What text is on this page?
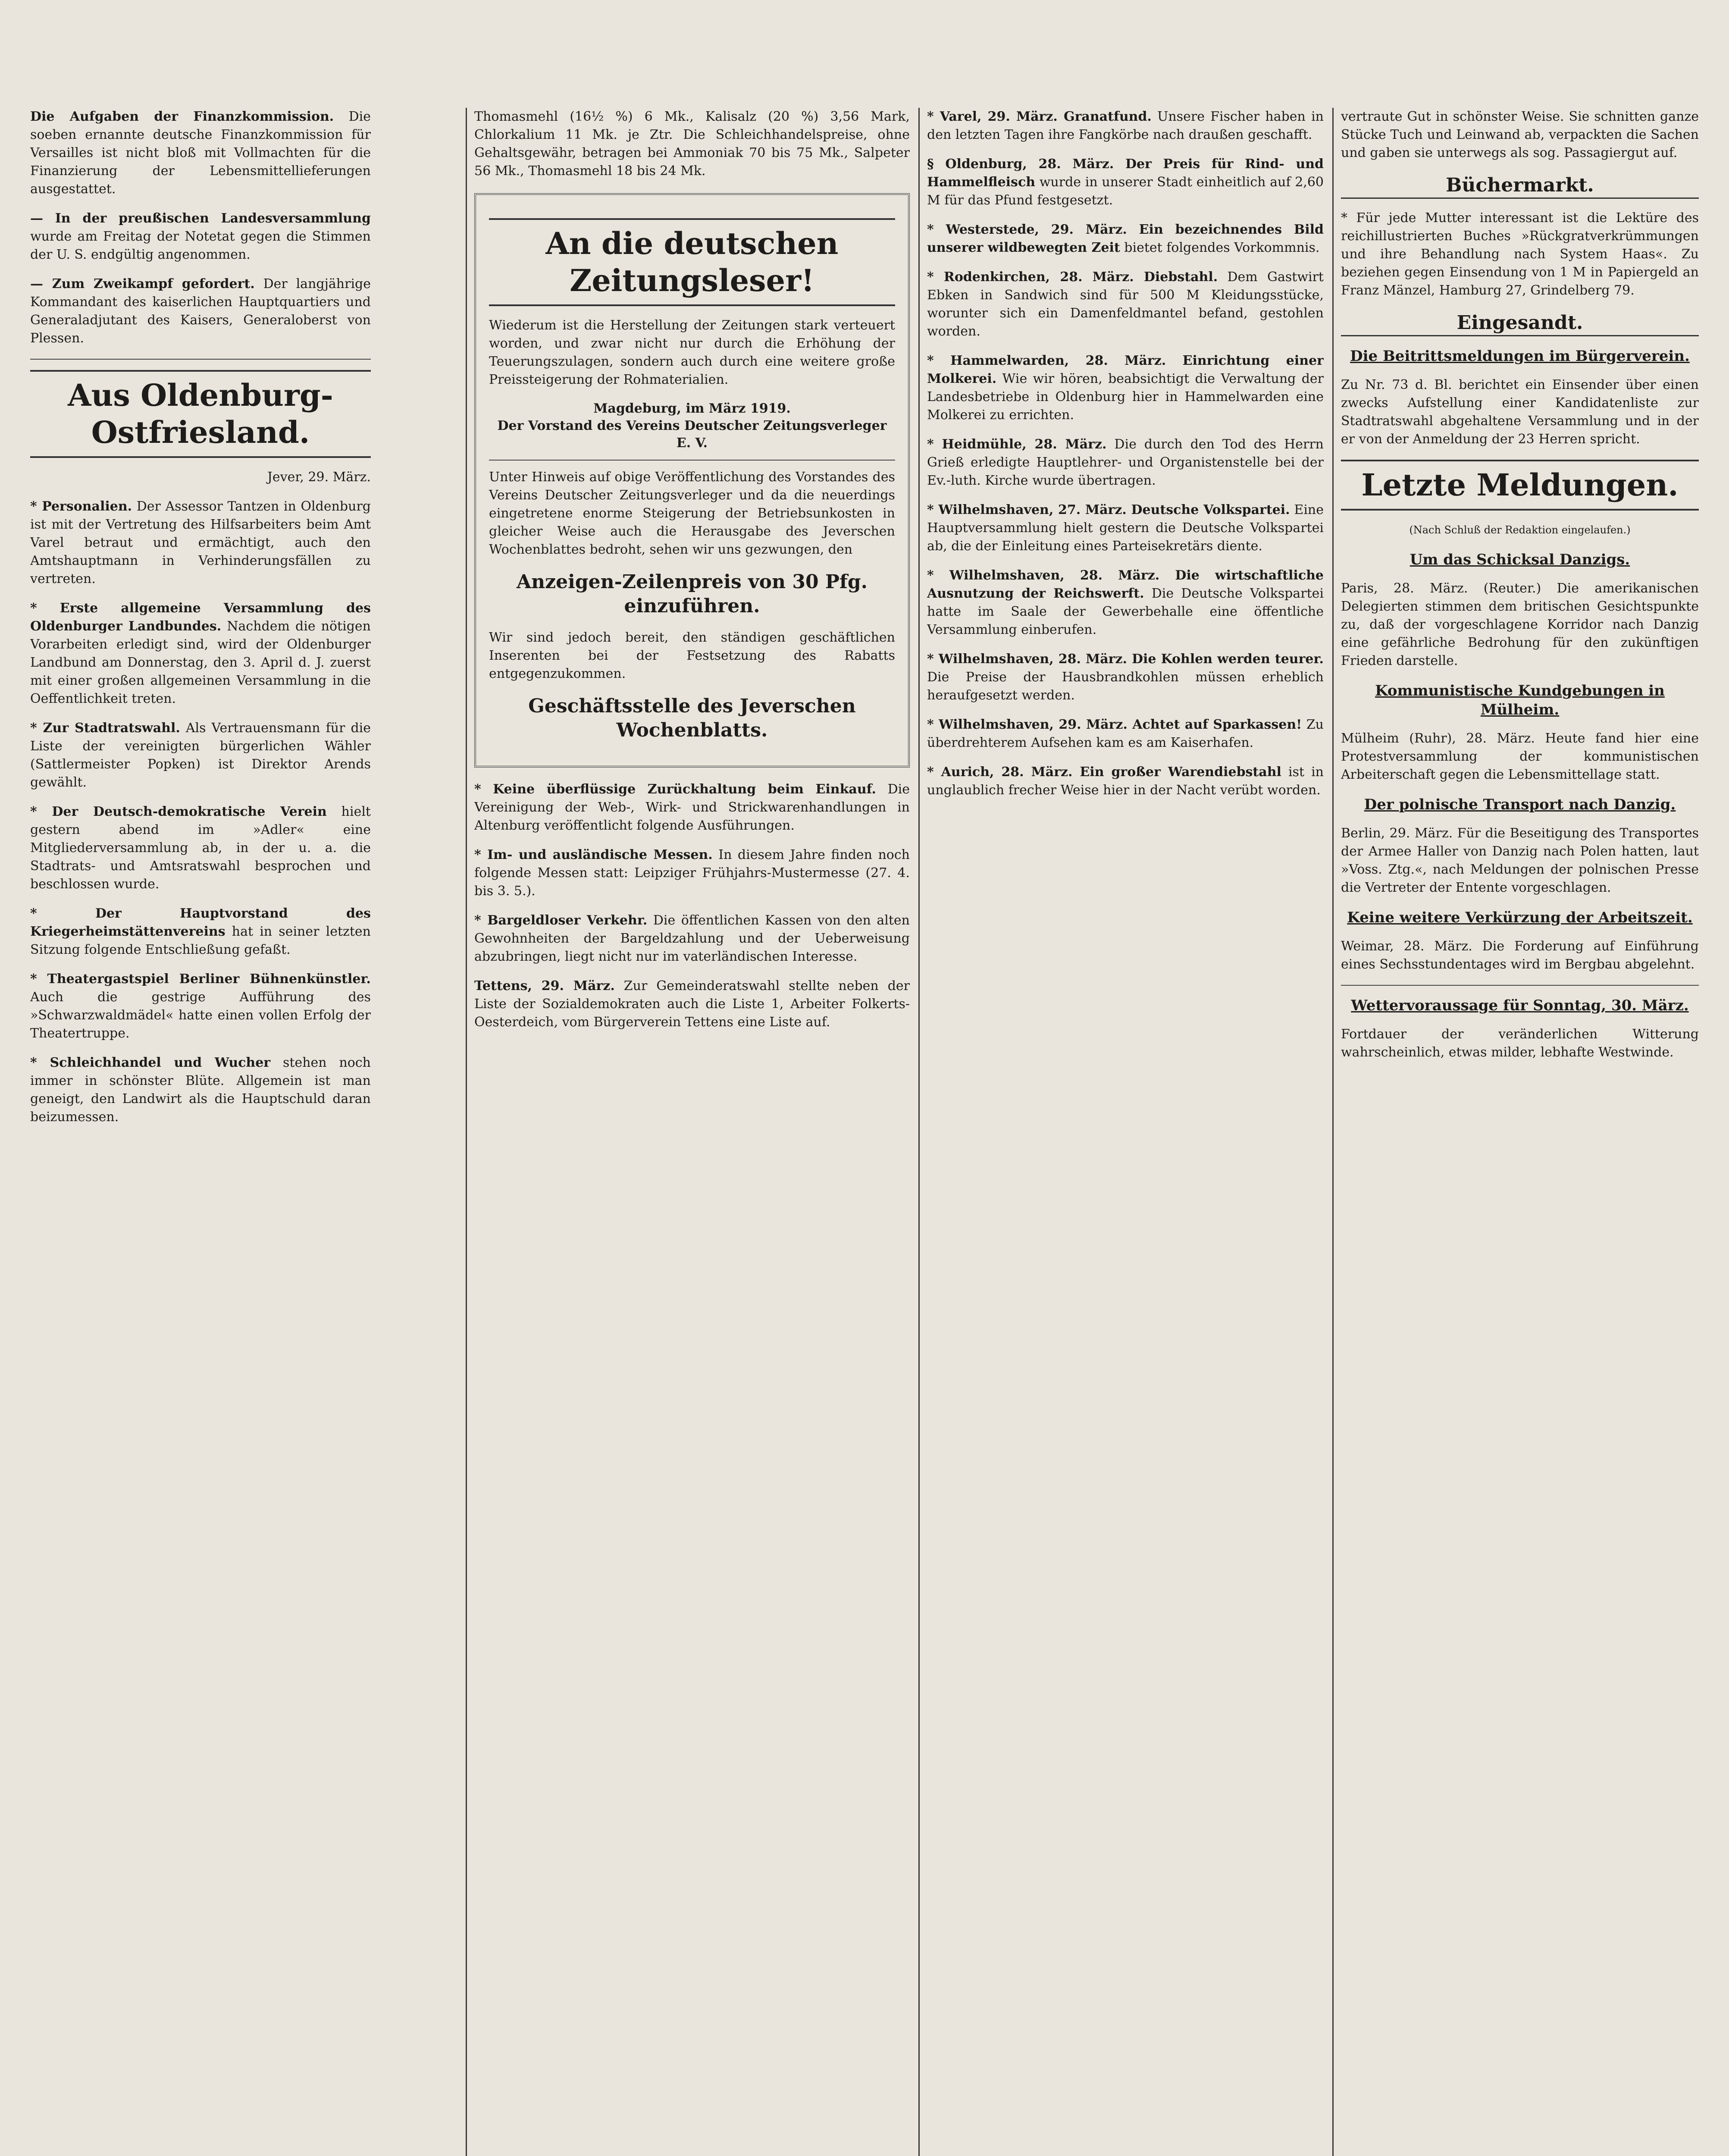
Die Aufgaben der Finanzkommission. Die soeben ernannte deutsche Finanzkommission für Versailles ist nicht bloß mit Vollmachten für die Finanzierung der Lebensmittellieferungen ausgestattet.
— In der preußischen Landesversammlung wurde am Freitag der Notetat gegen die Stimmen der U. S. endgültig angenommen.
— Zum Zweikampf gefordert. Der langjährige Kommandant des kaiserlichen Hauptquartiers und Generaladjutant des Kaisers, Generaloberst von Plessen.
Aus Oldenburg-Ostfriesland.
Jever, 29. März.
* Personalien. Der Assessor Tantzen in Oldenburg ist mit der Vertretung des Hilfsarbeiters beim Amt Varel betraut und ermächtigt, auch den Amtshauptmann in Verhinderungsfällen zu vertreten.
* Erste allgemeine Versammlung des Oldenburger Landbundes. Nachdem die nötigen Vorarbeiten erledigt sind, wird der Oldenburger Landbund am Donnerstag, den 3. April d. J. zuerst mit einer großen allgemeinen Versammlung in die Oeffentlichkeit treten.
* Zur Stadtratswahl. Als Vertrauensmann für die Liste der vereinigten bürgerlichen Wähler (Sattlermeister Popken) ist Direktor Arends gewählt.
* Der Deutsch-demokratische Verein hielt gestern abend im »Adler« eine Mitgliederversammlung ab, in der u. a. die Stadtrats- und Amtsratswahl besprochen und beschlossen wurde.
* Der Hauptvorstand des Kriegerheimstättenvereins hat in seiner letzten Sitzung folgende Entschließung gefaßt.
* Theatergastspiel Berliner Bühnenkünstler. Auch die gestrige Aufführung des »Schwarzwaldmädel« hatte einen vollen Erfolg der Theatertruppe.
* Schleichhandel und Wucher stehen noch immer in schönster Blüte. Allgemein ist man geneigt, den Landwirt als die Hauptschuld daran beizumessen.
Thomasmehl (16½ %) 6 Mk., Kalisalz (20 %) 3,56 Mark, Chlorkalium 11 Mk. je Ztr. Die Schleichhandelspreise, ohne Gehaltsgewähr, betragen bei Ammoniak 70 bis 75 Mk., Salpeter 56 Mk., Thomasmehl 18 bis 24 Mk.
An die deutschen Zeitungsleser!
Wiederum ist die Herstellung der Zeitungen stark verteuert worden, und zwar nicht nur durch die Erhöhung der Teuerungszulagen, sondern auch durch eine weitere große Preissteigerung der Rohmaterialien.
Magdeburg, im März 1919.
Der Vorstand des Vereins Deutscher Zeitungsverleger E. V.
Unter Hinweis auf obige Veröffentlichung des Vorstandes des Vereins Deutscher Zeitungsverleger und da die neuerdings eingetretene enorme Steigerung der Betriebsunkosten in gleicher Weise auch die Herausgabe des Jeverschen Wochenblattes bedroht, sehen wir uns gezwungen, den
Anzeigen-Zeilenpreis von 30 Pfg. einzuführen.
Wir sind jedoch bereit, den ständigen geschäftlichen Inserenten bei der Festsetzung des Rabatts entgegenzukommen.
Geschäftsstelle des Jeverschen Wochenblatts.
* Keine überflüssige Zurückhaltung beim Einkauf. Die Vereinigung der Web-, Wirk- und Strickwarenhandlungen in Altenburg veröffentlicht folgende Ausführungen.
* Im- und ausländische Messen. In diesem Jahre finden noch folgende Messen statt: Leipziger Frühjahrs-Mustermesse (27. 4. bis 3. 5.).
* Bargeldloser Verkehr. Die öffentlichen Kassen von den alten Gewohnheiten der Bargeldzahlung und der Ueberweisung abzubringen, liegt nicht nur im vaterländischen Interesse.
Tettens, 29. März. Zur Gemeinderatswahl stellte neben der Liste der Sozialdemokraten auch die Liste 1, Arbeiter Folkerts-Oesterdeich, vom Bürgerverein Tettens eine Liste auf.
* Varel, 29. März. Granatfund. Unsere Fischer haben in den letzten Tagen ihre Fangkörbe nach draußen geschafft.
§ Oldenburg, 28. März. Der Preis für Rind- und Hammelfleisch wurde in unserer Stadt einheitlich auf 2,60 M für das Pfund festgesetzt.
* Westerstede, 29. März. Ein bezeichnendes Bild unserer wildbewegten Zeit bietet folgendes Vorkommnis.
* Rodenkirchen, 28. März. Diebstahl. Dem Gastwirt Ebken in Sandwich sind für 500 M Kleidungsstücke, worunter sich ein Damenfeldmantel befand, gestohlen worden.
* Hammelwarden, 28. März. Einrichtung einer Molkerei. Wie wir hören, beabsichtigt die Verwaltung der Landesbetriebe in Oldenburg hier in Hammelwarden eine Molkerei zu errichten.
* Heidmühle, 28. März. Die durch den Tod des Herrn Grieß erledigte Hauptlehrer- und Organistenstelle bei der Ev.-luth. Kirche wurde übertragen.
* Wilhelmshaven, 27. März. Deutsche Volkspartei. Eine Hauptversammlung hielt gestern die Deutsche Volkspartei ab, die der Einleitung eines Parteisekretärs diente.
* Wilhelmshaven, 28. März. Die wirtschaftliche Ausnutzung der Reichswerft. Die Deutsche Volkspartei hatte im Saale der Gewerbehalle eine öffentliche Versammlung einberufen.
* Wilhelmshaven, 28. März. Die Kohlen werden teurer. Die Preise der Hausbrandkohlen müssen erheblich heraufgesetzt werden.
* Wilhelmshaven, 29. März. Achtet auf Sparkassen! Zu überdrehterem Aufsehen kam es am Kaiserhafen.
* Aurich, 28. März. Ein großer Warendiebstahl ist in unglaublich frecher Weise hier in der Nacht verübt worden.
vertraute Gut in schönster Weise. Sie schnitten ganze Stücke Tuch und Leinwand ab, verpackten die Sachen und gaben sie unterwegs als sog. Passagiergut auf.
Büchermarkt.
* Für jede Mutter interessant ist die Lektüre des reichillustrierten Buches »Rückgratverkrümmungen und ihre Behandlung nach System Haas«. Zu beziehen gegen Einsendung von 1 M in Papiergeld an Franz Mänzel, Hamburg 27, Grindelberg 79.
Eingesandt.
Die Beitrittsmeldungen im Bürgerverein.
Zu Nr. 73 d. Bl. berichtet ein Einsender über einen zwecks Aufstellung einer Kandidatenliste zur Stadtratswahl abgehaltene Versammlung und in der er von der Anmeldung der 23 Herren spricht.
Letzte Meldungen.
(Nach Schluß der Redaktion eingelaufen.)
Um das Schicksal Danzigs.
Paris, 28. März. (Reuter.) Die amerikanischen Delegierten stimmen dem britischen Gesichtspunkte zu, daß der vorgeschlagene Korridor nach Danzig eine gefährliche Bedrohung für den zukünftigen Frieden darstelle.
Kommunistische Kundgebungen in Mülheim.
Mülheim (Ruhr), 28. März. Heute fand hier eine Protestversammlung der kommunistischen Arbeiterschaft gegen die Lebensmittellage statt.
Der polnische Transport nach Danzig.
Berlin, 29. März. Für die Beseitigung des Transportes der Armee Haller von Danzig nach Polen hatten, laut »Voss. Ztg.«, nach Meldungen der polnischen Presse die Vertreter der Entente vorgeschlagen.
Keine weitere Verkürzung der Arbeitszeit.
Weimar, 28. März. Die Forderung auf Einführung eines Sechsstundentages wird im Bergbau abgelehnt.
Wettervoraussage für Sonntag, 30. März.
Fortdauer der veränderlichen Witterung wahrscheinlich, etwas milder, lebhafte Westwinde.
